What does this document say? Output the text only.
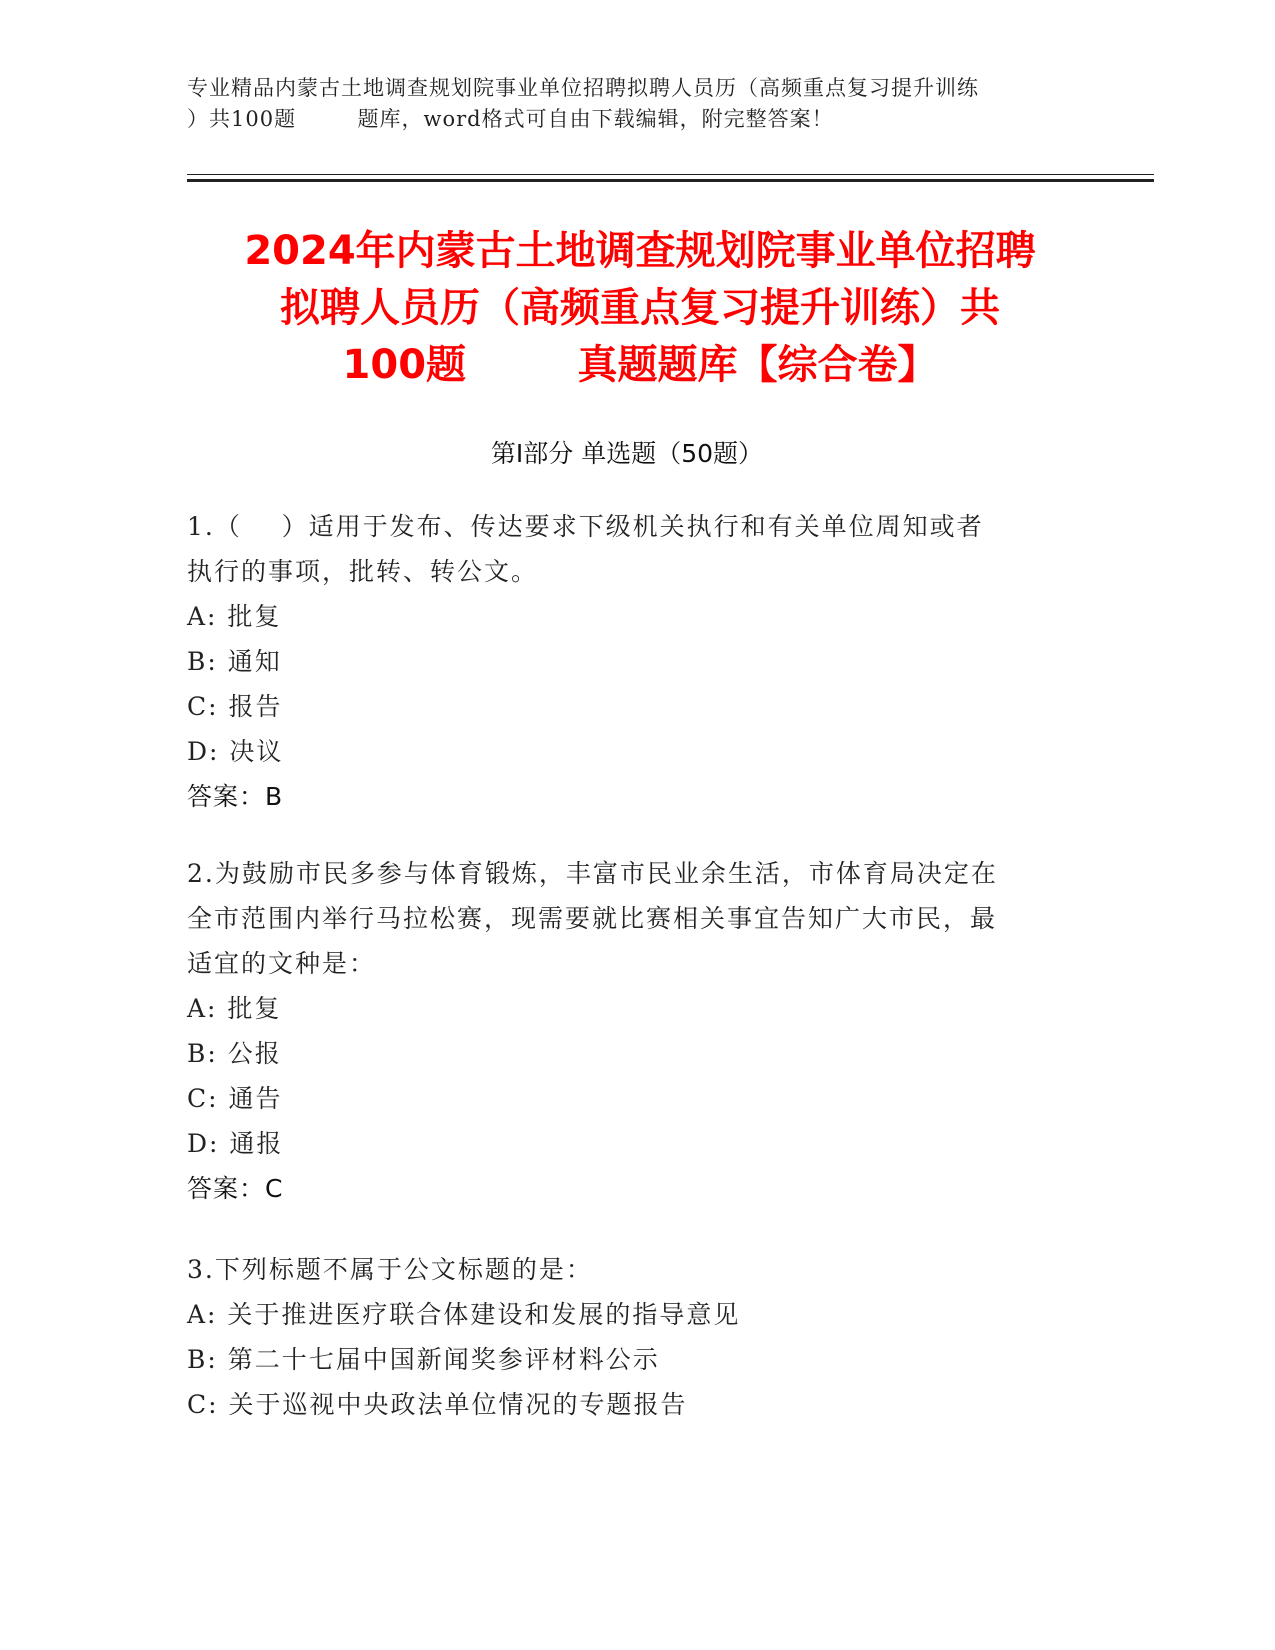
专业精品内蒙古土地调查规划院事业单位招聘拟聘人员历（高频重点复习提升训练
）共100题        题库，word格式可自由下载编辑，附完整答案！
2024年内蒙古土地调查规划院事业单位招聘
拟聘人员历（高频重点复习提升训练）共
100题        真题题库【综合卷】
第Ⅰ部分 单选题（50题）
1.（    ）适用于发布、传达要求下级机关执行和有关单位周知或者
执行的事项，批转、转公文。
A: 批复
B: 通知
C: 报告
D: 决议
答案：B
2.为鼓励市民多参与体育锻炼，丰富市民业余生活，市体育局决定在
全市范围内举行马拉松赛，现需要就比赛相关事宜告知广大市民，最
适宜的文种是：
A: 批复
B: 公报
C: 通告
D: 通报
答案：C
3.下列标题不属于公文标题的是：
A: 关于推进医疗联合体建设和发展的指导意见
B: 第二十七届中国新闻奖参评材料公示
C: 关于巡视中央政法单位情况的专题报告
